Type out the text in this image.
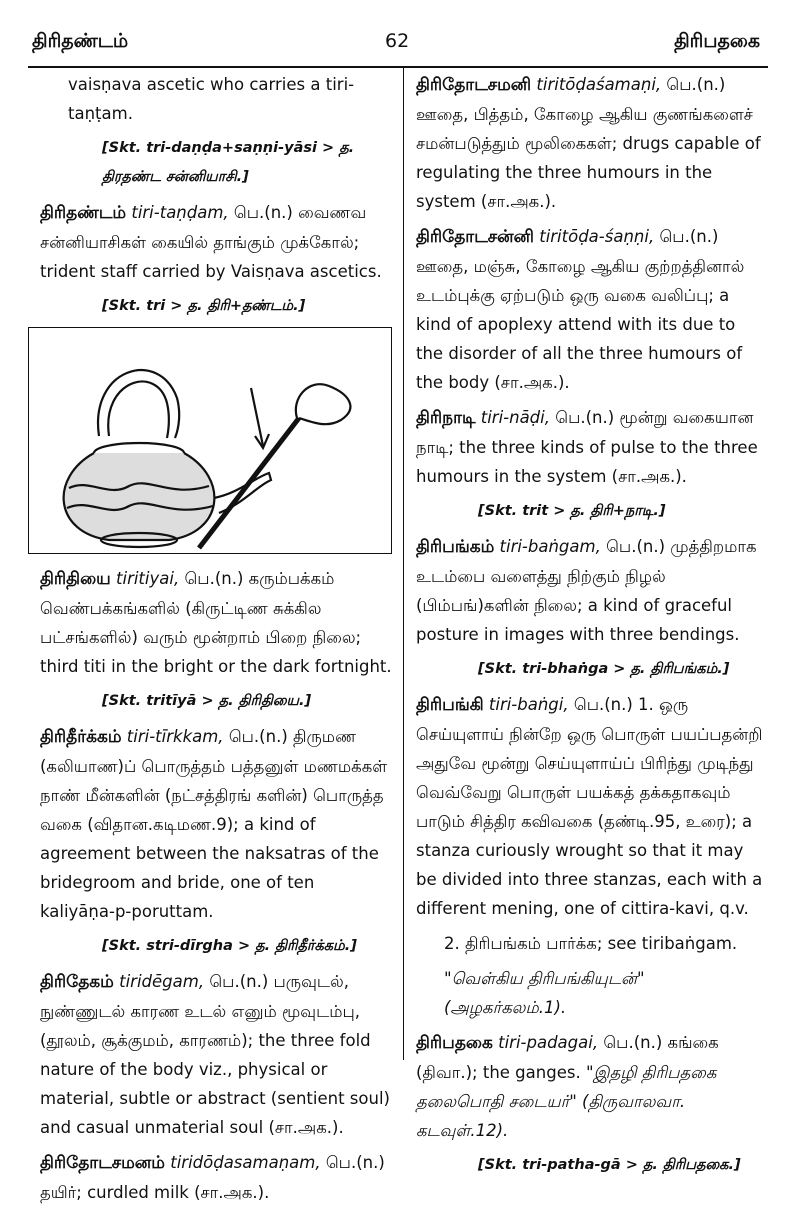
திரிதண்டம்	62	திரிபதகை

vaisṇava ascetic who carries a tiri-taṇṭam.

[Skt. tri-daṇḍa+saṇṇi-yāsi > த. திரதண்ட சன்னியாசி.]

திரிதண்டம் tiri-taṇḍam, பெ.(n.) வைணவ சன்னியாசிகள் கையில் தாங்கும் முக்கோல்; trident staff carried by Vaisṇava ascetics.

[Skt. tri > த. திரி+தண்டம்.]

திரிதியை tiritiyai, பெ.(n.) கரும்பக்கம் வெண்பக்கங்களில் (கிருட்டிண சுக்கில பட்சங்களில்) வரும் மூன்றாம் பிறை நிலை; third titi in the bright or the dark fortnight.

[Skt. tritīyā > த. திரிதியை.]

திரிதீர்க்கம் tiri-tīrkkam, பெ.(n.) திருமண (கலியாண)ப் பொருத்தம் பத்தனுள் மணமக்கள் நாண் மீன்களின் (நட்சத்திரங் களின்) பொருத்த வகை (விதான.கடிமண.9); a kind of agreement between the naksatras of the bridegroom and bride, one of ten kaliyāṇa-p-poruttam.

[Skt. stri-dīrgha > த. திரிதீர்க்கம்.]

திரிதேகம் tiridēgam, பெ.(n.) பருவுடல், நுண்ணுடல் காரண உடல் எனும் மூவுடம்பு, (தூலம், சூக்குமம், காரணம்); the three fold nature of the body viz., physical or material, subtle or abstract (sentient soul) and casual unmaterial soul (சா.அக.).

திரிதோடசமனம் tiridōḍasamaṇam, பெ.(n.) தயிர்; curdled milk (சா.அக.).

திரிதோடசமனி tiritōḍaśamaṇi, பெ.(n.) ஊதை, பித்தம், கோழை ஆகிய குணங்களைச் சமன்படுத்தும் மூலிகைகள்; drugs capable of regulating the three humours in the system (சா.அக.).

திரிதோடசன்னி tiritōḍa-śaṇṇi, பெ.(n.) ஊதை, மஞ்சு, கோழை ஆகிய குற்றத்தினால் உடம்புக்கு ஏற்படும் ஒரு வகை வலிப்பு; a kind of apoplexy attend with its due to the disorder of all the three humours of the body (சா.அக.).

திரிநாடி tiri-nāḍi, பெ.(n.) மூன்று வகையான நாடி; the three kinds of pulse to the three humours in the system (சா.அக.).

[Skt. trit > த. திரி+நாடி.]

திரிபங்கம் tiri-baṅgam, பெ.(n.) முத்திறமாக உடம்பை வளைத்து நிற்கும் நிழல் (பிம்பங்)களின் நிலை; a kind of graceful posture in images with three bendings.

[Skt. tri-bhaṅga > த. திரிபங்கம்.]

திரிபங்கி tiri-baṅgi, பெ.(n.) 1. ஒரு செய்யுளாய் நின்றே ஒரு பொருள் பயப்பதன்றி அதுவே மூன்று செய்யுளாய்ப் பிரிந்து முடிந்து வெவ்வேறு பொருள் பயக்கத் தக்கதாகவும் பாடும் சித்திர கவிவகை (தண்டி.95, உரை); a stanza curiously wrought so that it may be divided into three stanzas, each with a different mening, one of cittira-kavi, q.v.

2. திரிபங்கம் பார்க்க; see tiribaṅgam.

"வெள்கிய திரிபங்கியுடன்" (அழகர்கலம்.1).

திரிபதகை tiri-padagai, பெ.(n.) கங்கை (திவா.); the ganges. "இதழி திரிபதகை தலைபொதி சடையர்" (திருவாலவா. கடவுள்.12).

[Skt. tri-patha-gā > த. திரிபதகை.]
